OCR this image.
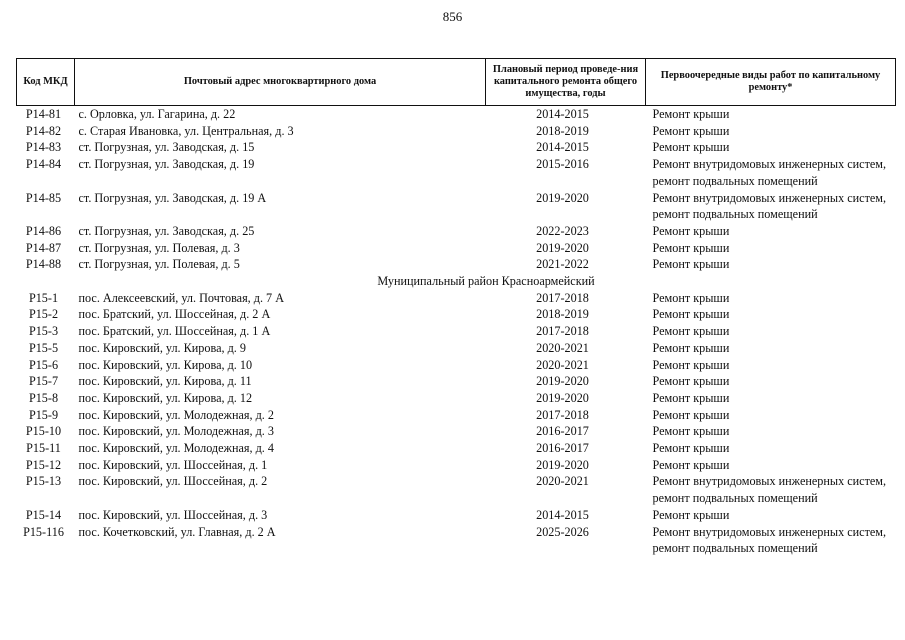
856
Код МКД	Почтовый адрес многоквартирного дома	Плановый период проведе-ния капитального ремонта общего имущества, годы	Первоочередные виды работ по капитальному ремонту*
P14-81	с. Орловка, ул. Гагарина, д. 22	2014-2015	Ремонт крыши

P14-82	с. Старая Ивановка, ул. Центральная, д. 3	2018-2019	Ремонт крыши

P14-83	ст. Погрузная, ул. Заводская, д. 15	2014-2015	Ремонт крыши

P14-84	ст. Погрузная, ул. Заводская, д. 19	2015-2016	Ремонт внутридомовых инженерных систем,
ремонт подвальных помещений

P14-85	ст. Погрузная, ул. Заводская, д. 19 А	2019-2020	Ремонт внутридомовых инженерных систем,
ремонт подвальных помещений

P14-86	ст. Погрузная, ул. Заводская, д. 25	2022-2023	Ремонт крыши

P14-87	ст. Погрузная, ул. Полевая, д. 3	2019-2020	Ремонт крыши

P14-88	ст. Погрузная, ул. Полевая, д. 5	2021-2022	Ремонт крыши

Муниципальный район Красноармейский			
P15-1	пос. Алексеевский, ул. Почтовая, д. 7 А	2017-2018	Ремонт крыши

P15-2	пос. Братский, ул. Шоссейная, д. 2 А	2018-2019	Ремонт крыши

P15-3	пос. Братский, ул. Шоссейная, д. 1 А	2017-2018	Ремонт крыши

P15-5	пос. Кировский, ул. Кирова, д. 9	2020-2021	Ремонт крыши

P15-6	пос. Кировский, ул. Кирова, д. 10	2020-2021	Ремонт крыши

P15-7	пос. Кировский, ул. Кирова, д. 11	2019-2020	Ремонт крыши

P15-8	пос. Кировский, ул. Кирова, д. 12	2019-2020	Ремонт крыши

P15-9	пос. Кировский, ул. Молодежная, д. 2	2017-2018	Ремонт крыши

P15-10	пос. Кировский, ул. Молодежная, д. 3	2016-2017	Ремонт крыши

P15-11	пос. Кировский, ул. Молодежная, д. 4	2016-2017	Ремонт крыши

P15-12	пос. Кировский, ул. Шоссейная, д. 1	2019-2020	Ремонт крыши

P15-13	пос. Кировский, ул. Шоссейная, д. 2	2020-2021	Ремонт внутридомовых инженерных систем,
ремонт подвальных помещений

P15-14	пос. Кировский, ул. Шоссейная, д. 3	2014-2015	Ремонт крыши

P15-116	пос. Кочетковский, ул. Главная, д. 2 А	2025-2026	Ремонт внутридомовых инженерных систем,
ремонт подвальных помещений
